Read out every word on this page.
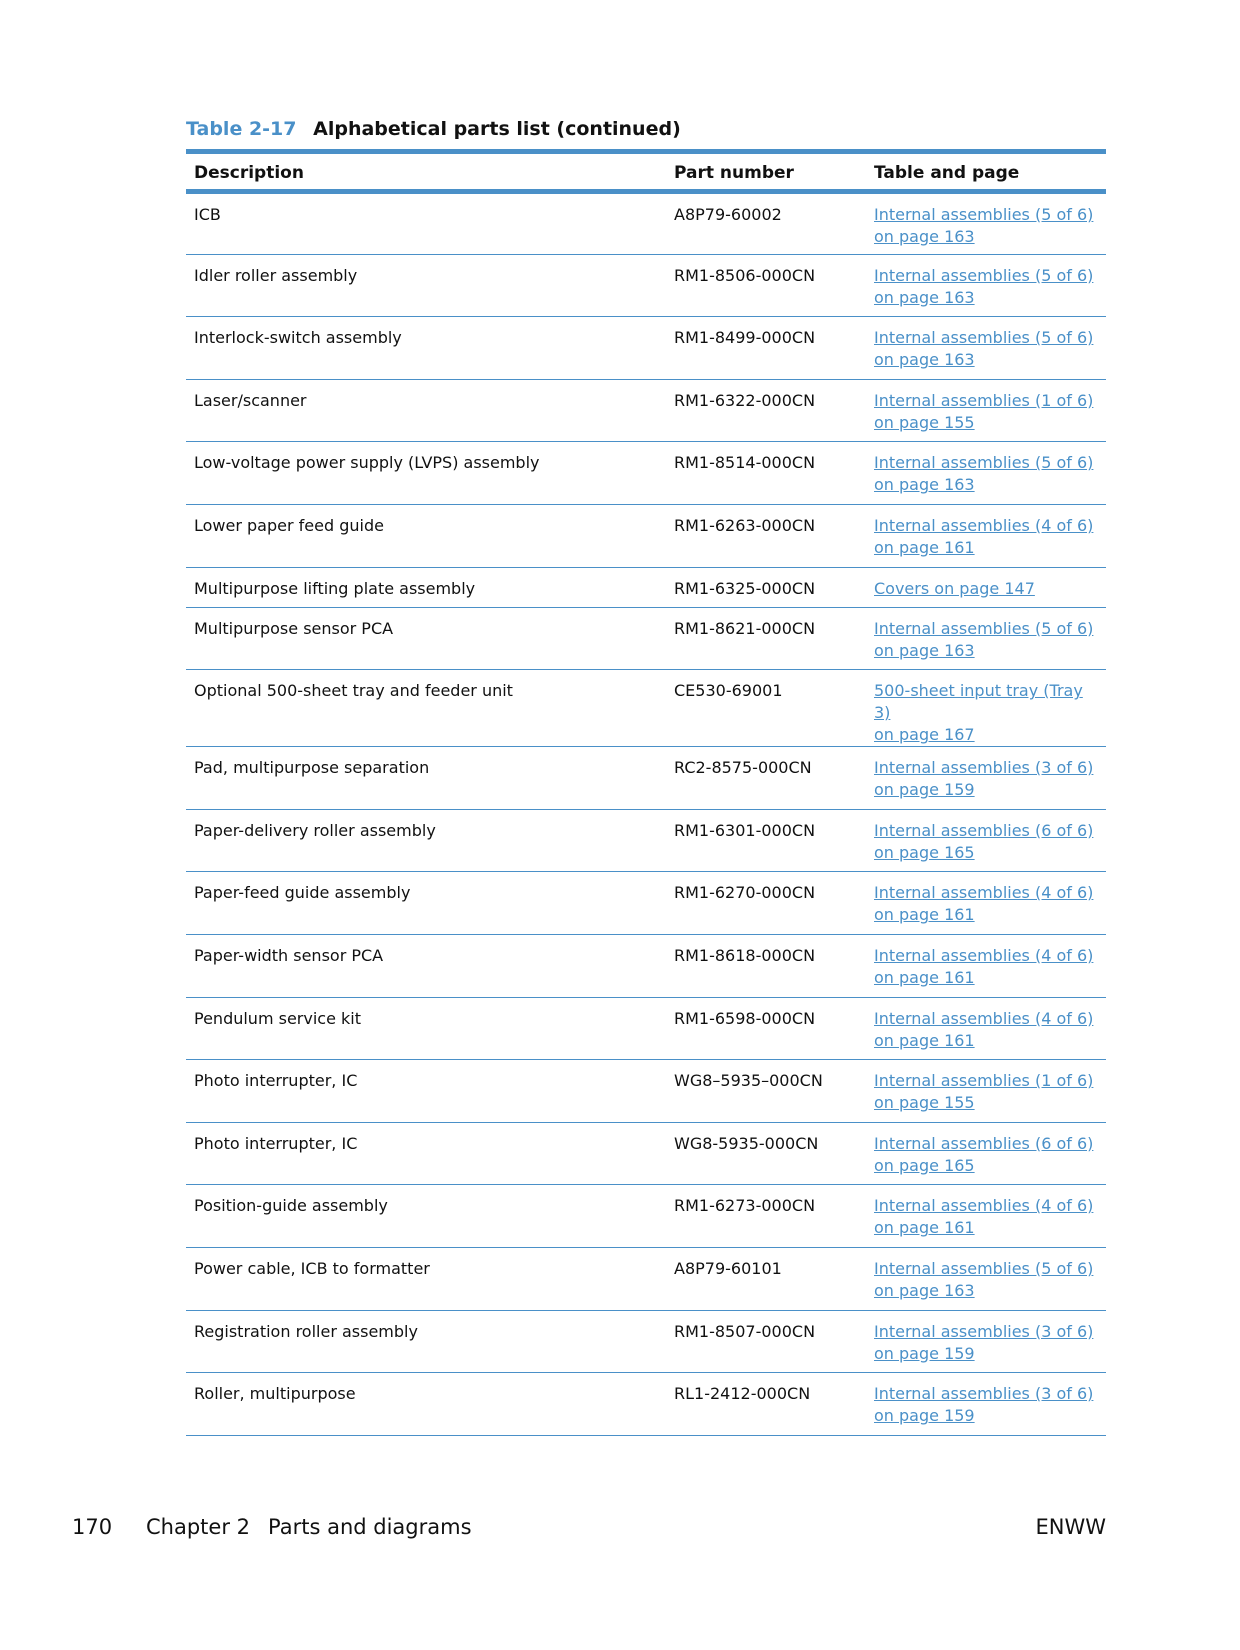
Table 2-17 Alphabetical parts list (continued)
Description	Part number	Table and page
ICB	A8P79-60002	Internal assemblies (5 of 6)
on page 163
Idler roller assembly	RM1-8506-000CN	Internal assemblies (5 of 6)
on page 163
Interlock-switch assembly	RM1-8499-000CN	Internal assemblies (5 of 6)
on page 163
Laser/scanner	RM1-6322-000CN	Internal assemblies (1 of 6)
on page 155
Low-voltage power supply (LVPS) assembly	RM1-8514-000CN	Internal assemblies (5 of 6)
on page 163
Lower paper feed guide	RM1-6263-000CN	Internal assemblies (4 of 6)
on page 161
Multipurpose lifting plate assembly	RM1-6325-000CN	Covers on page 147
Multipurpose sensor PCA	RM1-8621-000CN	Internal assemblies (5 of 6)
on page 163
Optional 500-sheet tray and feeder unit	CE530-69001	500-sheet input tray (Tray 3)
on page 167
Pad, multipurpose separation	RC2-8575-000CN	Internal assemblies (3 of 6)
on page 159
Paper-delivery roller assembly	RM1-6301-000CN	Internal assemblies (6 of 6)
on page 165
Paper-feed guide assembly	RM1-6270-000CN	Internal assemblies (4 of 6)
on page 161
Paper-width sensor PCA	RM1-8618-000CN	Internal assemblies (4 of 6)
on page 161
Pendulum service kit	RM1-6598-000CN	Internal assemblies (4 of 6)
on page 161
Photo interrupter, IC	WG8–5935–000CN	Internal assemblies (1 of 6)
on page 155
Photo interrupter, IC	WG8-5935-000CN	Internal assemblies (6 of 6)
on page 165
Position-guide assembly	RM1-6273-000CN	Internal assemblies (4 of 6)
on page 161
Power cable, ICB to formatter	A8P79-60101	Internal assemblies (5 of 6)
on page 163
Registration roller assembly	RM1-8507-000CN	Internal assemblies (3 of 6)
on page 159
Roller, multipurpose	RL1-2412-000CN	Internal assemblies (3 of 6)
on page 159
170 Chapter 2 Parts and diagrams	ENWW
